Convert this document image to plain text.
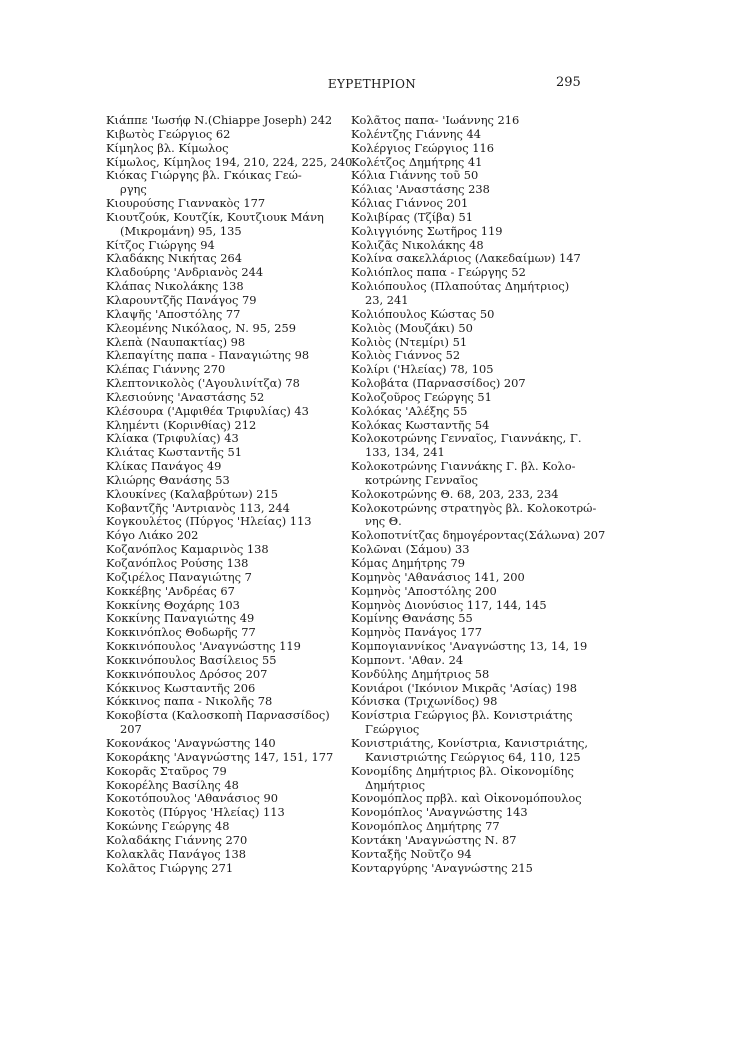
ΕΥΡΕΤΗΡΙΟΝ	295
Κιάππε 'Ιωσήφ Ν.(Chiappe Joseph) 242
Κιβωτὸς Γεώργιος 62
Κίμηλος βλ. Κίμωλος
Κίμωλος, Κίμηλος 194, 210, 224, 225, 240
Κιόκας Γιώργης βλ. Γκόικας Γεώ-
ργης
Κιουρούσης Γιαννακὸς 177
Κιουτζούκ, Κουτζίκ, Κουτζιουκ Μάνη
(Μικρομάνη) 95, 135
Κίτζος Γιώργης 94
Κλαδάκης Νικήτας 264
Κλαδούρης 'Ανδριανὸς 244
Κλάπας Νικολάκης 138
Κλαρουντζῆς Πανάγος 79
Κλαψῆς 'Αποστόλης 77
Κλεομένης Νικόλαος, Ν. 95, 259
Κλεπὰ (Ναυπακτίας) 98
Κλεπαγίτης παπα - Παναγιώτης 98
Κλέπας Γιάννης 270
Κλεπτονικολὸς ('Αγουλινίτζα) 78
Κλεσιούνης 'Αναστάσης 52
Κλέσουρα ('Αμφιθέα Τριφυλίας) 43
Κλημέντι (Κορινθίας) 212
Κλίακα (Τριφυλίας) 43
Κλιάτας Κωσταντῆς 51
Κλίκας Πανάγος 49
Κλιώρης Θανάσης 53
Κλουκίνες (Καλαβρύτων) 215
Κοβαντζῆς 'Αντριανὸς 113, 244
Κογκουλέτος (Πύργος 'Ηλείας) 113
Κόγο Λιάκο 202
Κοζανόπλος Καμαρινὸς 138
Κοζανόπλος Ρούσης 138
Κοζιρέλος Παναγιώτης 7
Κοκκέβης 'Ανδρέας 67
Κοκκίνης Θοχάρης 103
Κοκκίνης Παναγιώτης 49
Κοκκινόπλος Θοδωρῆς 77
Κοκκινόπουλος 'Αναγνώστης 119
Κοκκινόπουλος Βασίλειος 55
Κοκκινόπουλος Δρόσος 207
Κόκκινος Κωσταντῆς 206
Κόκκινος παπα - Νικολῆς 78
Κοκοβίστα (Καλοσκοπὴ Παρνασσίδος)
207
Κοκονάκος 'Αναγνώστης 140
Κοκοράκης 'Αναγνώστης 147, 151, 177
Κοκορᾶς Σταῦρος 79
Κοκορέλης Βασίλης 48
Κοκοτόπουλος 'Αθανάσιος 90
Κοκοτὸς (Πύργος 'Ηλείας) 113
Κοκώνης Γεώργης 48
Κολαδάκης Γιάννης 270
Κολακλᾶς Πανάγος 138
Κολᾶτος Γιώργης 271
Κολᾶτος παπα- 'Ιωάννης 216
Κολέντζης Γιάννης 44
Κολέργιος Γεώργιος 116
Κολέτζος Δημήτρης 41
Κόλια Γιάννης τοῦ 50
Κόλιας 'Αναστάσης 238
Κόλιας Γιάννος 201
Κολιβίρας (Τζίβα) 51
Κολιγγιόνης Σωτῆρος 119
Κολιζᾶς Νικολάκης 48
Κολίνα σακελλάριος (Λακεδαίμων) 147
Κολιόπλος παπα - Γεώργης 52
Κολιόπουλος (Πλαπούτας Δημήτριος)
23, 241
Κολιόπουλος Κώστας 50
Κολιὸς (Μουζάκι) 50
Κολιὸς (Ντεμίρι) 51
Κολιὸς Γιάννος 52
Κολίρι ('Ηλείας) 78, 105
Κολοβάτα (Παρνασσίδος) 207
Κολοζοῦρος Γεώργης 51
Κολόκας 'Αλέξης 55
Κολόκας Κωσταντῆς 54
Κολοκοτρώνης Γενναῖος, Γιαννάκης, Γ.
133, 134, 241
Κολοκοτρώνης Γιαννάκης Γ. βλ. Κολο-
κοτρώνης Γενναῖος
Κολοκοτρώνης Θ. 68, 203, 233, 234
Κολοκοτρώνης στρατηγὸς βλ. Κολοκοτρώ-
νης Θ.
Κολοποτνίτζας δημογέροντας(Σάλωνα) 207
Κολῶναι (Σάμου) 33
Κόμας Δημήτρης 79
Κομηνὸς 'Αθανάσιος 141, 200
Κομηνὸς 'Αποστόλης 200
Κομηνὸς Διονύσιος 117, 144, 145
Κομίνης Θανάσης 55
Κομηνὸς Πανάγος 177
Κομπογιαννίκος 'Αναγνώστης 13, 14, 19
Κομποντ. 'Αθαν. 24
Κονδύλης Δημήτριος 58
Κονιάροι ('Ικόνιον Μικρᾶς 'Ασίας) 198
Κόνισκα (Τριχωνίδος) 98
Κονίστρια Γεώργιος βλ. Κονιστριάτης
Γεώργιος
Κονιστριάτης, Κονίστρια, Κανιστριάτης,
Κανιστριώτης Γεώργιος 64, 110, 125
Κονομίδης Δημήτριος βλ. Οἰκονομίδης
Δημήτριος
Κονομόπλος πρβλ. καὶ Οἰκονομόπουλος
Κονομόπλος 'Αναγνώστης 143
Κονομόπλος Δημήτρης 77
Κοντάκη 'Αναγνώστης Ν. 87
Κονταξῆς Νοῦτζο 94
Κονταργύρης 'Αναγνώστης 215
